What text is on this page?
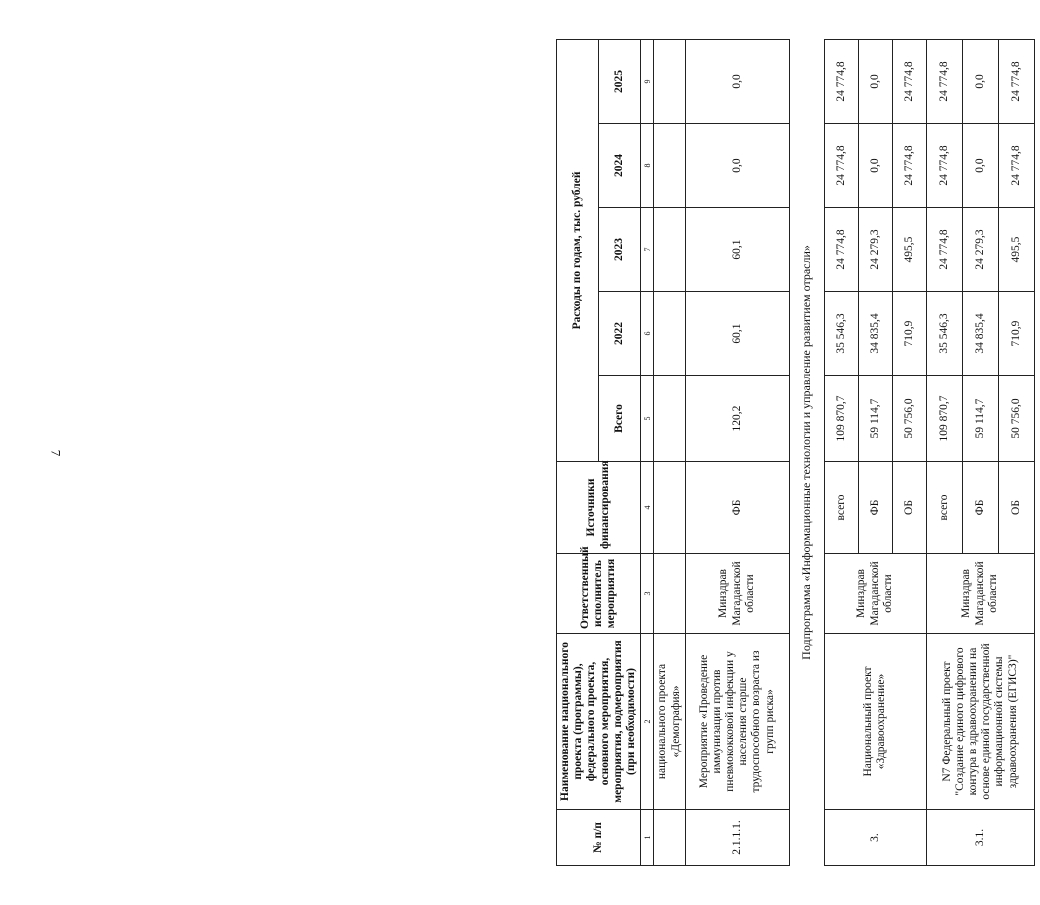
7
№ п/п	Наименование национального проекта (программы), федерального проекта, основного мероприятия, мероприятия, подмероприятия (при необходимости)	Ответственный исполнитель мероприятия	Источники финансирования	Расходы по годам, тыс. рублей				
				Всего	2022	2023	2024	2025
1	2	3	4	5	6	7	8	9
	национального проекта «Демография»							
2.1.1.1.	Мероприятие «Проведение иммунизации против пневмококковой инфекции у населения старше трудоспособного возраста из групп риска»	Минздрав Магаданской области	ФБ	120,2	60,1	60,1	0,0	0,0
Подпрограмма «Информационные технологии и управление развитием отрасли»								
3.	Национальный проект «Здравоохранение»	Минздрав Магаданской области	всего	109 870,7	35 546,3	24 774,8	24 774,8	24 774,8
			ФБ	59 114,7	34 835,4	24 279,3	0,0	0,0
			ОБ	50 756,0	710,9	495,5	24 774,8	24 774,8
3.1.	N7 Федеральный проект "Создание единого цифрового контура в здравоохранении на основе единой государственной информационной системы здравоохранения (ЕГИСЗ)"	Минздрав Магаданской области	всего	109 870,7	35 546,3	24 774,8	24 774,8	24 774,8
			ФБ	59 114,7	34 835,4	24 279,3	0,0	0,0
			ОБ	50 756,0	710,9	495,5	24 774,8	24 774,8
